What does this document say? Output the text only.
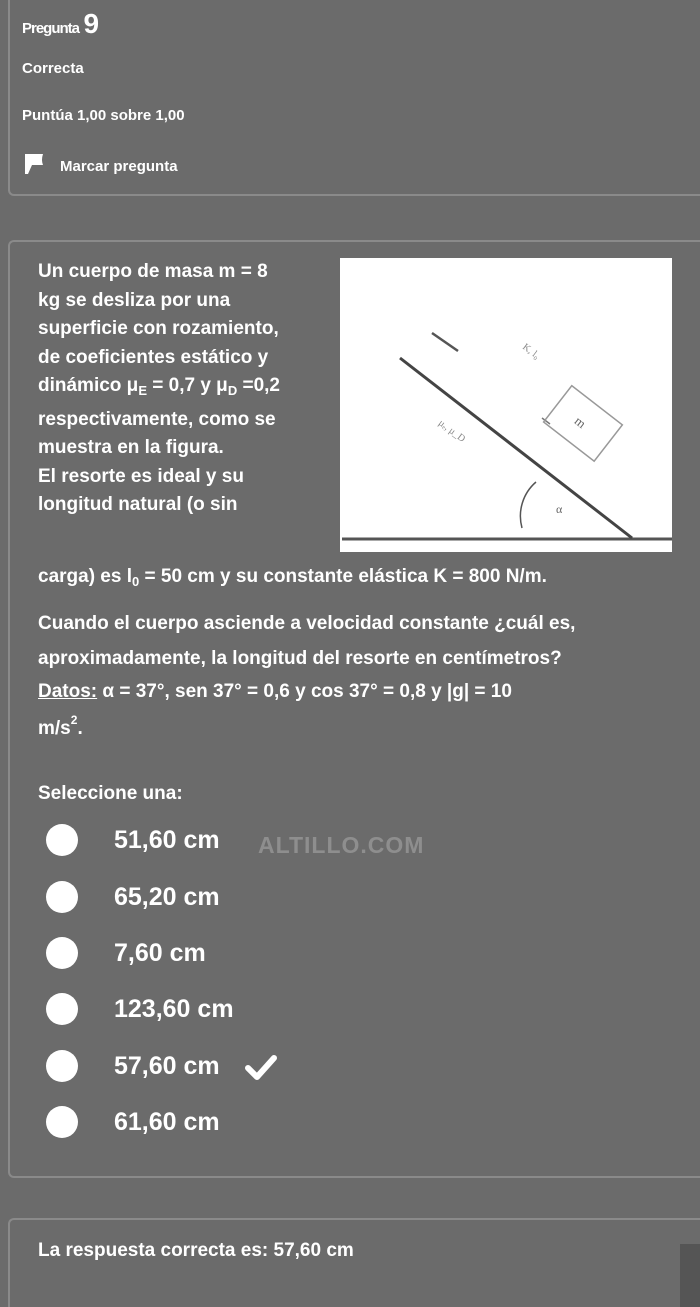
Pregunta 9
Correcta
Puntúa 1,00 sobre 1,00
Marcar pregunta
Un cuerpo de masa m = 8
kg se desliza por una
superficie con rozamiento,
de coeficientes estático y
dinámico $\mu_E = 0,7$ y $\mu_D =0,2$
respectivamente, como se
muestra en la figura.
El resorte es ideal y su
longitud natural (o sin
m
K, l₀
μₑ, μ_D
α
carga) es $l_0 = 50$ cm y su constante elástica K = 800 N/m.
Cuando el cuerpo asciende a velocidad constante ¿cuál es,
aproximadamente, la longitud del resorte en centímetros?
Datos: α = 37°, sen 37° = 0,6 y cos 37° = 0,8 y |g| = 10
$m/s^2$.
Seleccione una:
51,60 cm
65,20 cm
7,60 cm
123,60 cm
57,60 cm
61,60 cm
ALTILLO.COM
La respuesta correcta es: 57,60 cm
